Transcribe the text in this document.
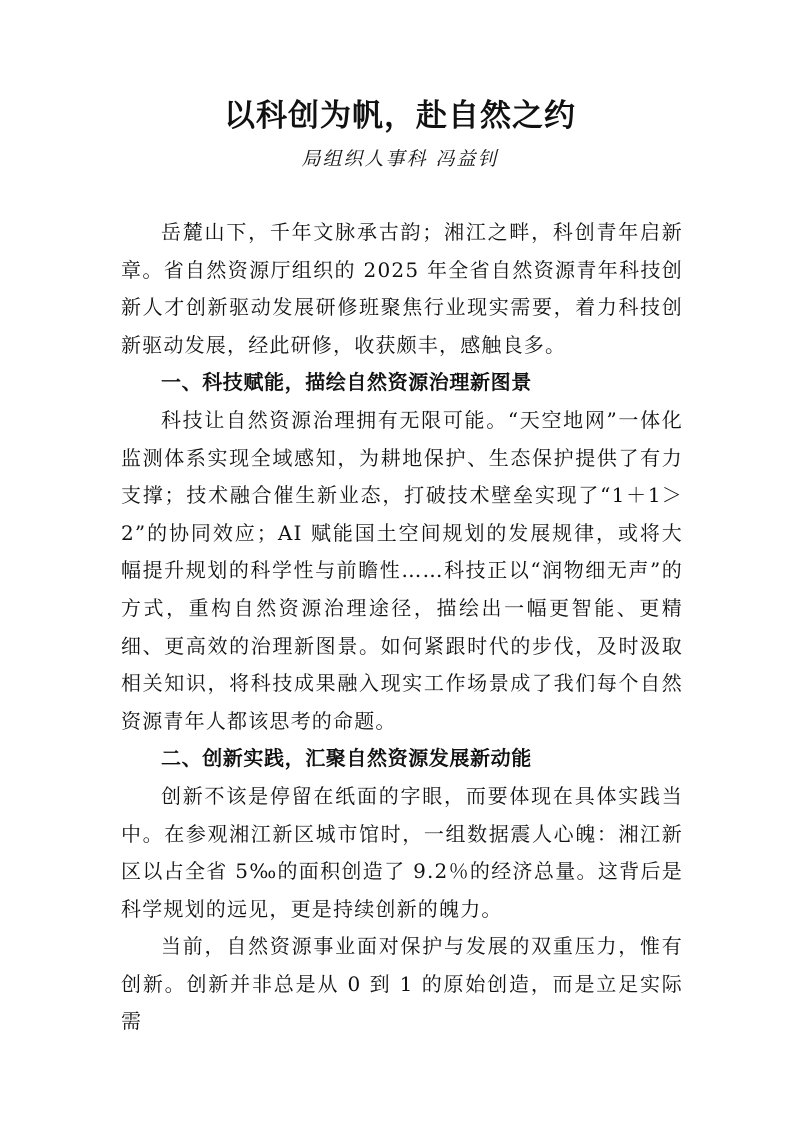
以科创为帆，赴自然之约
局组织人事科 冯益钊

岳麓山下，千年文脉承古韵；湘江之畔，科创青年启新章。省自然资源厅组织的 2025 年全省自然资源青年科技创新人才创新驱动发展研修班聚焦行业现实需要，着力科技创新驱动发展，经此研修，收获颇丰，感触良多。

一、科技赋能，描绘自然资源治理新图景

科技让自然资源治理拥有无限可能。“天空地网”一体化监测体系实现全域感知，为耕地保护、生态保护提供了有力支撑；技术融合催生新业态，打破技术壁垒实现了“1＋1＞2”的协同效应；AI 赋能国土空间规划的发展规律，或将大幅提升规划的科学性与前瞻性……科技正以“润物细无声”的方式，重构自然资源治理途径，描绘出一幅更智能、更精细、更高效的治理新图景。如何紧跟时代的步伐，及时汲取相关知识，将科技成果融入现实工作场景成了我们每个自然资源青年人都该思考的命题。

二、创新实践，汇聚自然资源发展新动能

创新不该是停留在纸面的字眼，而要体现在具体实践当中。在参观湘江新区城市馆时，一组数据震人心魄：湘江新区以占全省 5‰的面积创造了 9.2％的经济总量。这背后是科学规划的远见，更是持续创新的魄力。

当前，自然资源事业面对保护与发展的双重压力，惟有创新。创新并非总是从 0 到 1 的原始创造，而是立足实际需
